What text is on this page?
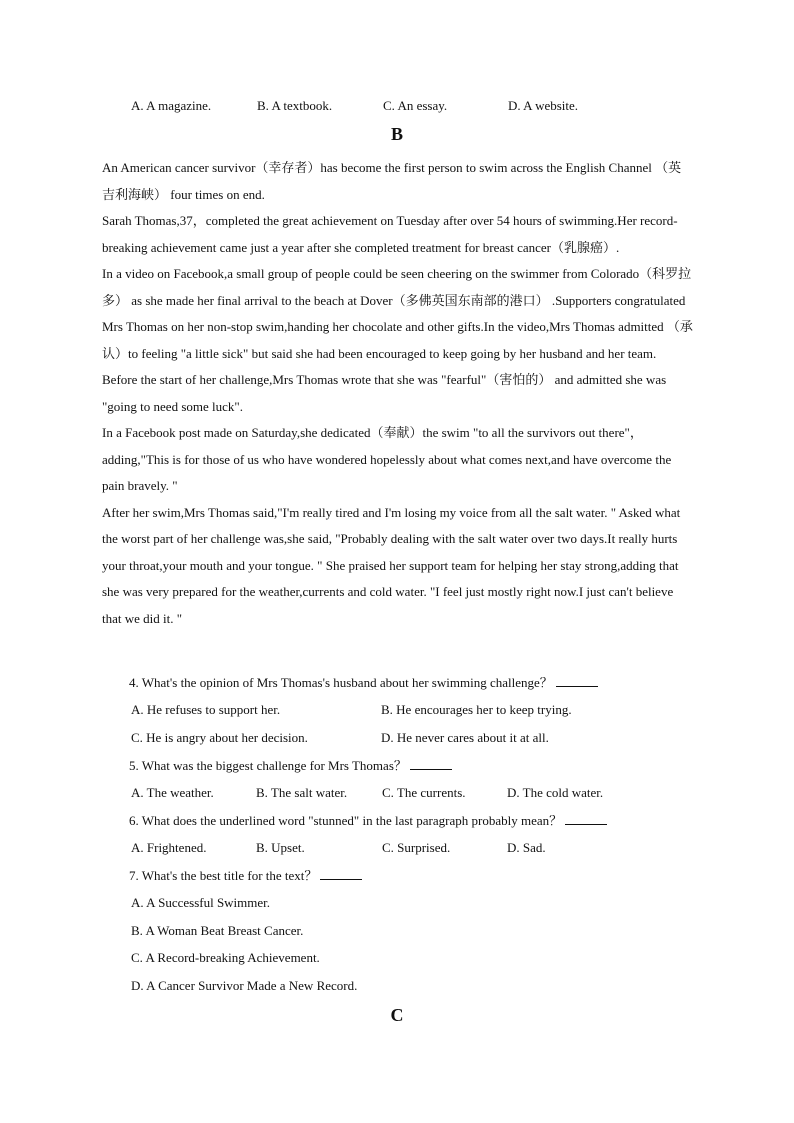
A. A magazine.	B. A textbook.	C. An essay.	D. A website.
B

An American cancer survivor（幸存者）has become the first person to swim across the English Channel （英吉利海峡） four times on end.

Sarah Thomas,37，completed the great achievement on Tuesday after over 54 hours of swimming.Her record-breaking achievement came just a year after she completed treatment for breast cancer（乳腺癌）.

In a video on Facebook,a small group of people could be seen cheering on the swimmer from Colorado（科罗拉多） as she made her final arrival to the beach at Dover（多佛英国东南部的港口） .Supporters congratulated Mrs Thomas on her non-stop swim,handing her chocolate and other gifts.In the video,Mrs Thomas admitted （承认）to feeling "a little sick" but said she had been encouraged to keep going by her husband and her team.

Before the start of her challenge,Mrs Thomas wrote that she was "fearful"（害怕的） and admitted she was "going to need some luck".

In a Facebook post made on Saturday,she dedicated（奉献）the swim "to all the survivors out there"，adding,"This is for those of us who have wondered hopelessly about what comes next,and have overcome the pain bravely. "

After her swim,Mrs Thomas said,"I'm really tired and I'm losing my voice from all the salt water. " Asked what the worst part of her challenge was,she said, "Probably dealing with the salt water over two days.It really hurts your throat,your mouth and your tongue. " She praised her support team for helping her stay strong,adding that she was very prepared for the weather,currents and cold water. "I feel just mostly right now.I just can't believe that we did it. "

4. What's the opinion of Mrs Thomas's husband about her swimming challenge？
A. He refuses to support her.	B. He encourages her to keep trying.
C. He is angry about her decision.	D. He never cares about it at all.
5. What was the biggest challenge for Mrs Thomas？
A. The weather.	B. The salt water.	C. The currents.	D. The cold water.
6. What does the underlined word "stunned" in the last paragraph probably mean？
A. Frightened.	B. Upset.	C. Surprised.	D. Sad.
7. What's the best title for the text？
A. A Successful Swimmer.
B. A Woman Beat Breast Cancer.
C. A Record-breaking Achievement.
D. A Cancer Survivor Made a New Record.
C
